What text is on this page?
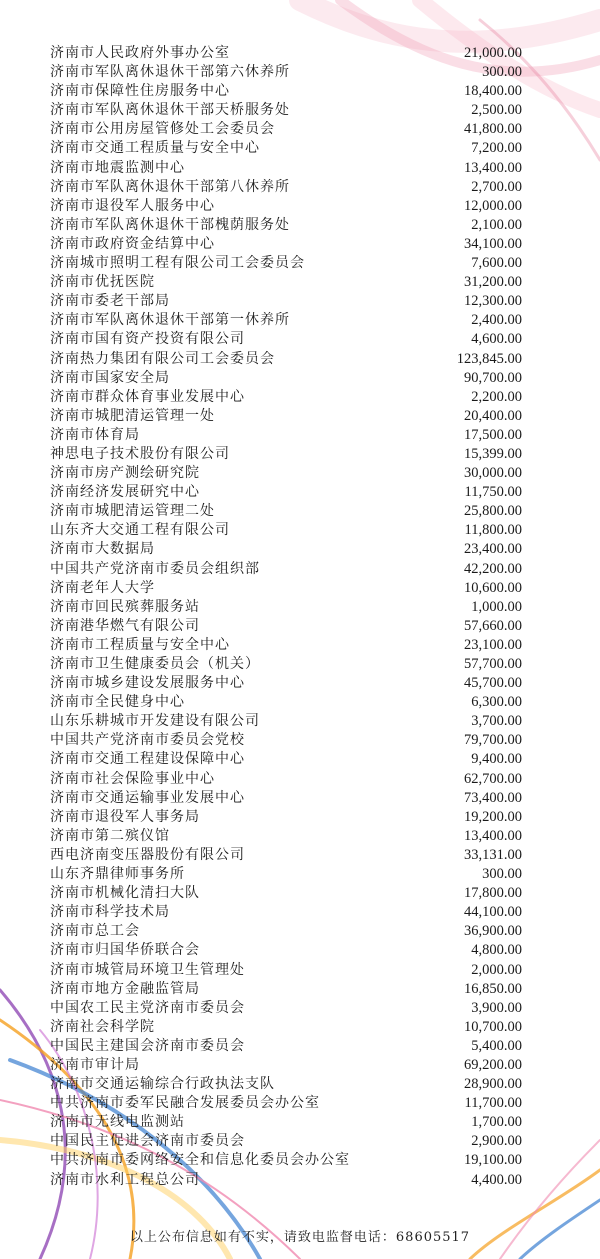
济南市人民政府外事办公室	21,000.00
济南市军队离休退休干部第六休养所	300.00
济南市保障性住房服务中心	18,400.00
济南市军队离休退休干部天桥服务处	2,500.00
济南市公用房屋管修处工会委员会	41,800.00
济南市交通工程质量与安全中心	7,200.00
济南市地震监测中心	13,400.00
济南市军队离休退休干部第八休养所	2,700.00
济南市退役军人服务中心	12,000.00
济南市军队离休退休干部槐荫服务处	2,100.00
济南市政府资金结算中心	34,100.00
济南城市照明工程有限公司工会委员会	7,600.00
济南市优抚医院	31,200.00
济南市委老干部局	12,300.00
济南市军队离休退休干部第一休养所	2,400.00
济南市国有资产投资有限公司	4,600.00
济南热力集团有限公司工会委员会	123,845.00
济南市国家安全局	90,700.00
济南市群众体育事业发展中心	2,200.00
济南市城肥清运管理一处	20,400.00
济南市体育局	17,500.00
神思电子技术股份有限公司	15,399.00
济南市房产测绘研究院	30,000.00
济南经济发展研究中心	11,750.00
济南市城肥清运管理二处	25,800.00
山东齐大交通工程有限公司	11,800.00
济南市大数据局	23,400.00
中国共产党济南市委员会组织部	42,200.00
济南老年人大学	10,600.00
济南市回民殡葬服务站	1,000.00
济南港华燃气有限公司	57,660.00
济南市工程质量与安全中心	23,100.00
济南市卫生健康委员会（机关）	57,700.00
济南市城乡建设发展服务中心	45,700.00
济南市全民健身中心	6,300.00
山东乐耕城市开发建设有限公司	3,700.00
中国共产党济南市委员会党校	79,700.00
济南市交通工程建设保障中心	9,400.00
济南市社会保险事业中心	62,700.00
济南市交通运输事业发展中心	73,400.00
济南市退役军人事务局	19,200.00
济南市第二殡仪馆	13,400.00
西电济南变压器股份有限公司	33,131.00
山东齐鼎律师事务所	300.00
济南市机械化清扫大队	17,800.00
济南市科学技术局	44,100.00
济南市总工会	36,900.00
济南市归国华侨联合会	4,800.00
济南市城管局环境卫生管理处	2,000.00
济南市地方金融监管局	16,850.00
中国农工民主党济南市委员会	3,900.00
济南社会科学院	10,700.00
中国民主建国会济南市委员会	5,400.00
济南市审计局	69,200.00
济南市交通运输综合行政执法支队	28,900.00
中共济南市委军民融合发展委员会办公室	11,700.00
济南市无线电监测站	1,700.00
中国民主促进会济南市委员会	2,900.00
中共济南市委网络安全和信息化委员会办公室	19,100.00
济南市水利工程总公司	4,400.00
以上公布信息如有不实，请致电监督电话：68605517
